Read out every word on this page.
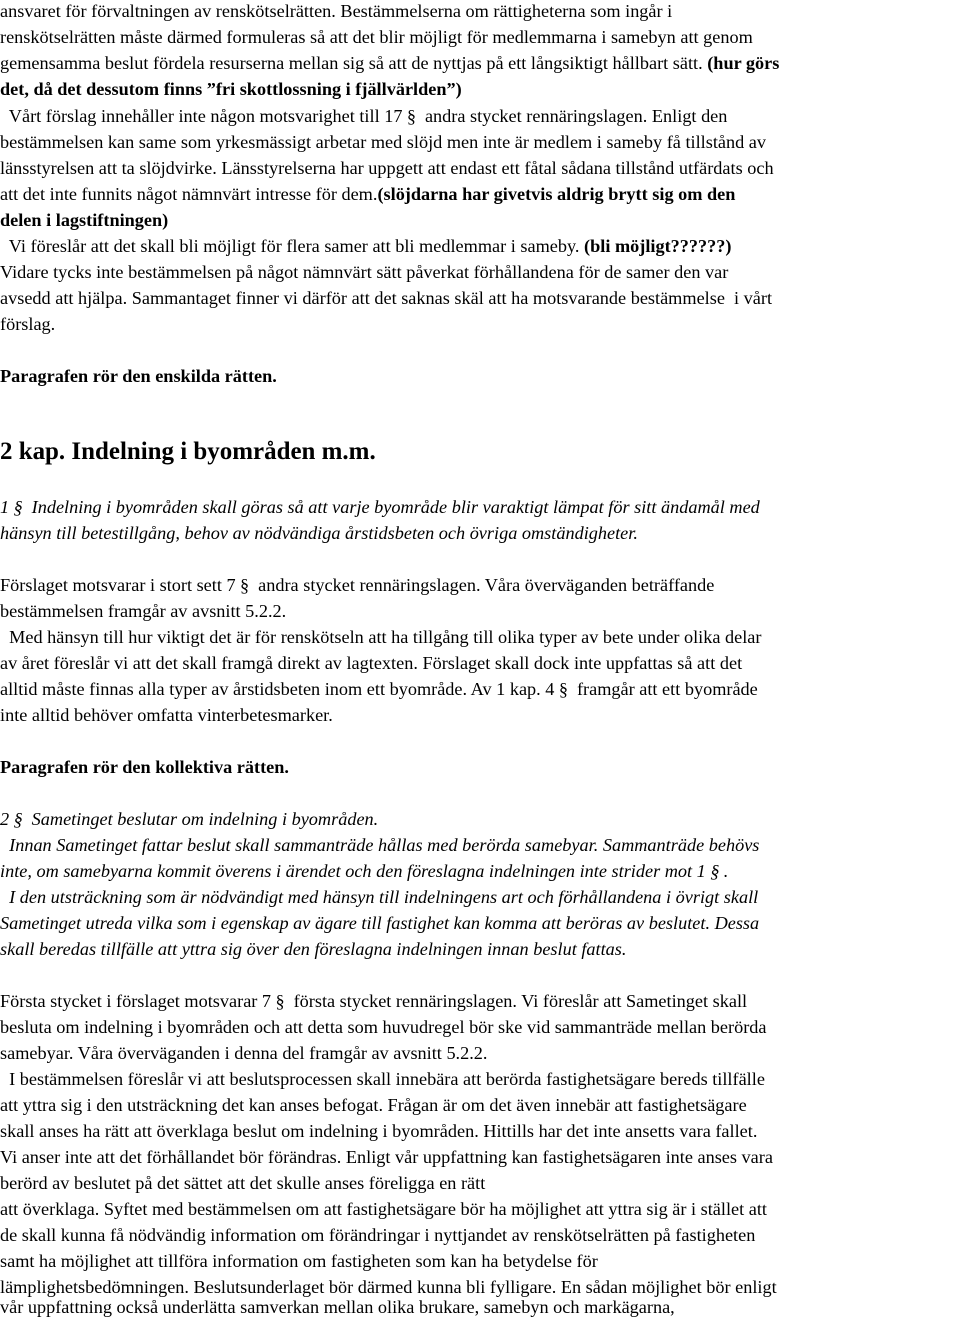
ansvaret för förvaltningen av renskötselrätten. Bestämmelserna om rättigheterna som ingår i
renskötselrätten måste därmed formuleras så att det blir möjligt för medlemmarna i samebyn att genom
gemensamma beslut fördela resurserna mellan sig så att de nyttjas på ett långsiktigt hållbart sätt. (hur görs
det, då det dessutom finns ”fri skottlossning i fjällvärlden”)
Vårt förslag innehåller inte någon motsvarighet till 17 § andra stycket rennäringslagen. Enligt den
bestämmelsen kan same som yrkesmässigt arbetar med slöjd men inte är medlem i sameby få tillstånd av
länsstyrelsen att ta slöjdvirke. Länsstyrelserna har uppgett att endast ett fåtal sådana tillstånd utfärdats och
att det inte funnits något nämnvärt intresse för dem.(slöjdarna har givetvis aldrig brytt sig om den
delen i lagstiftningen)
Vi föreslår att det skall bli möjligt för flera samer att bli medlemmar i sameby. (bli möjligt??????)
Vidare tycks inte bestämmelsen på något nämnvärt sätt påverkat förhållandena för de samer den var
avsedd att hjälpa. Sammantaget finner vi därför att det saknas skäl att ha motsvarande bestämmelse  i vårt
förslag.
Paragrafen rör den enskilda rätten.
2 kap. Indelning i byområden m.m.
1 § Indelning i byområden skall göras så att varje byområde blir varaktigt lämpat för sitt ändamål med
hänsyn till betestillgång, behov av nödvändiga årstidsbeten och övriga omständigheter.
Förslaget motsvarar i stort sett 7 § andra stycket rennäringslagen. Våra överväganden beträffande
bestämmelsen framgår av avsnitt 5.2.2.
Med hänsyn till hur viktigt det är för renskötseln att ha tillgång till olika typer av bete under olika delar
av året föreslår vi att det skall framgå direkt av lagtexten. Förslaget skall dock inte uppfattas så att det
alltid måste finnas alla typer av årstidsbeten inom ett byområde. Av 1 kap. 4 § framgår att ett byområde
inte alltid behöver omfatta vinterbetesmarker.
Paragrafen rör den kollektiva rätten.
2 § Sametinget beslutar om indelning i byområden.
Innan Sametinget fattar beslut skall sammanträde hållas med berörda samebyar. Sammanträde behövs
inte, om samebyarna kommit överens i ärendet och den föreslagna indelningen inte strider mot 1 § .
I den utsträckning som är nödvändigt med hänsyn till indelningens art och förhållandena i övrigt skall
Sametinget utreda vilka som i egenskap av ägare till fastighet kan komma att beröras av beslutet. Dessa
skall beredas tillfälle att yttra sig över den föreslagna indelningen innan beslut fattas.
Första stycket i förslaget motsvarar 7 § första stycket rennäringslagen. Vi föreslår att Sametinget skall
besluta om indelning i byområden och att detta som huvudregel bör ske vid sammanträde mellan berörda
samebyar. Våra överväganden i denna del framgår av avsnitt 5.2.2.
I bestämmelsen föreslår vi att beslutsprocessen skall innebära att berörda fastighetsägare bereds tillfälle
att yttra sig i den utsträckning det kan anses befogat. Frågan är om det även innebär att fastighetsägare
skall anses ha rätt att överklaga beslut om indelning i byområden. Hittills har det inte ansetts vara fallet.
Vi anser inte att det förhållandet bör förändras. Enligt vår uppfattning kan fastighetsägaren inte anses vara
berörd av beslutet på det sättet att det skulle anses föreligga en rätt
att överklaga. Syftet med bestämmelsen om att fastighetsägare bör ha möjlighet att yttra sig är i stället att
de skall kunna få nödvändig information om förändringar i nyttjandet av renskötselrätten på fastigheten
samt ha möjlighet att tillföra information om fastigheten som kan ha betydelse för
lämplighetsbedömningen. Beslutsunderlaget bör därmed kunna bli fylligare. En sådan möjlighet bör enligt
vår uppfattning också underlätta samverkan mellan olika brukare, samebyn och markägarna,
